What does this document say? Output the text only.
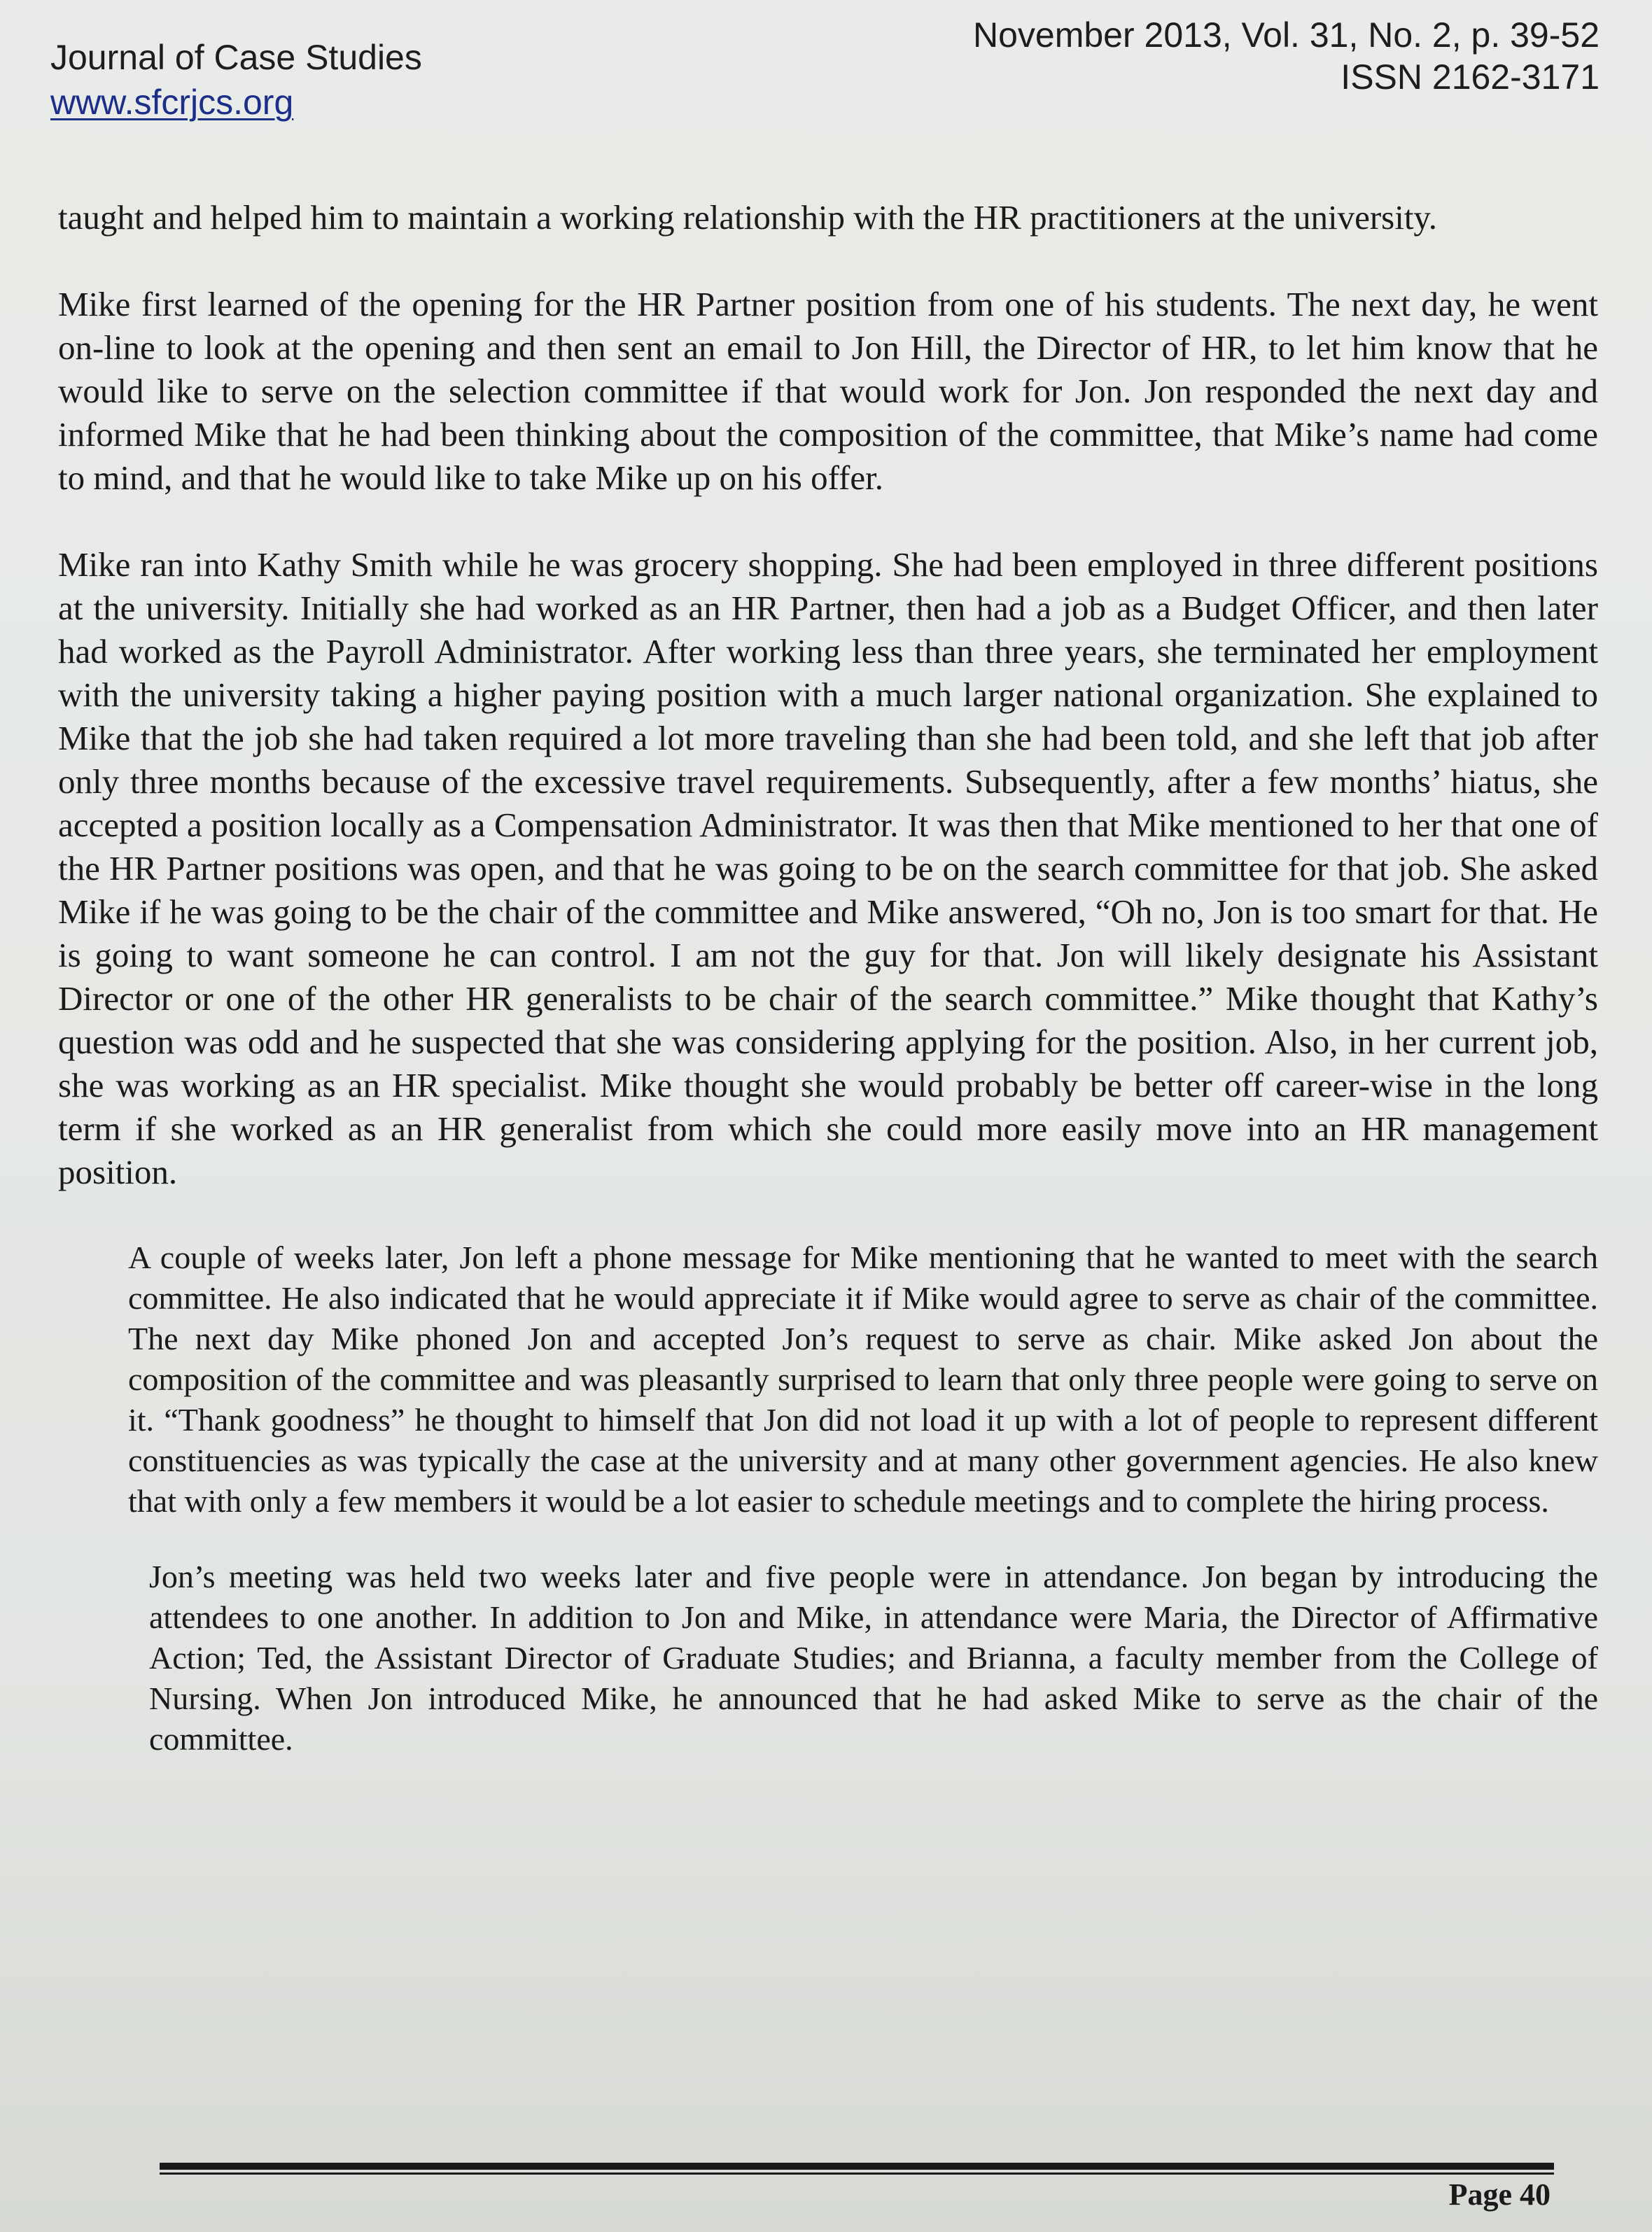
Journal of Case Studies
www.sfcrjcs.org
November 2013, Vol. 31, No. 2, p. 39-52
ISSN 2162-3171

taught and helped him to maintain a working relationship with the HR practitioners at the university.

Mike first learned of the opening for the HR Partner position from one of his students. The next day, he went on-line to look at the opening and then sent an email to Jon Hill, the Director of HR, to let him know that he would like to serve on the selection committee if that would work for Jon. Jon responded the next day and informed Mike that he had been thinking about the composition of the committee, that Mike’s name had come to mind, and that he would like to take Mike up on his offer.

Mike ran into Kathy Smith while he was grocery shopping. She had been employed in three different positions at the university. Initially she had worked as an HR Partner, then had a job as a Budget Officer, and then later had worked as the Payroll Administrator. After working less than three years, she terminated her employment with the university taking a higher paying position with a much larger national organization. She explained to Mike that the job she had taken required a lot more traveling than she had been told, and she left that job after only three months because of the excessive travel requirements. Subsequently, after a few months’ hiatus, she accepted a position locally as a Compensation Administrator. It was then that Mike mentioned to her that one of the HR Partner positions was open, and that he was going to be on the search committee for that job. She asked Mike if he was going to be the chair of the committee and Mike answered, “Oh no, Jon is too smart for that. He is going to want someone he can control. I am not the guy for that. Jon will likely designate his Assistant Director or one of the other HR generalists to be chair of the search committee.” Mike thought that Kathy’s question was odd and he suspected that she was considering applying for the position. Also, in her current job, she was working as an HR specialist. Mike thought she would probably be better off career-wise in the long term if she worked as an HR generalist from which she could more easily move into an HR management position.

A couple of weeks later, Jon left a phone message for Mike mentioning that he wanted to meet with the search committee. He also indicated that he would appreciate it if Mike would agree to serve as chair of the committee. The next day Mike phoned Jon and accepted Jon’s request to serve as chair. Mike asked Jon about the composition of the committee and was pleasantly surprised to learn that only three people were going to serve on it. “Thank goodness” he thought to himself that Jon did not load it up with a lot of people to represent different constituencies as was typically the case at the university and at many other government agencies. He also knew that with only a few members it would be a lot easier to schedule meetings and to complete the hiring process.

Jon’s meeting was held two weeks later and five people were in attendance. Jon began by introducing the attendees to one another. In addition to Jon and Mike, in attendance were Maria, the Director of Affirmative Action; Ted, the Assistant Director of Graduate Studies; and Brianna, a faculty member from the College of Nursing. When Jon introduced Mike, he announced that he had asked Mike to serve as the chair of the committee.

Page 40
